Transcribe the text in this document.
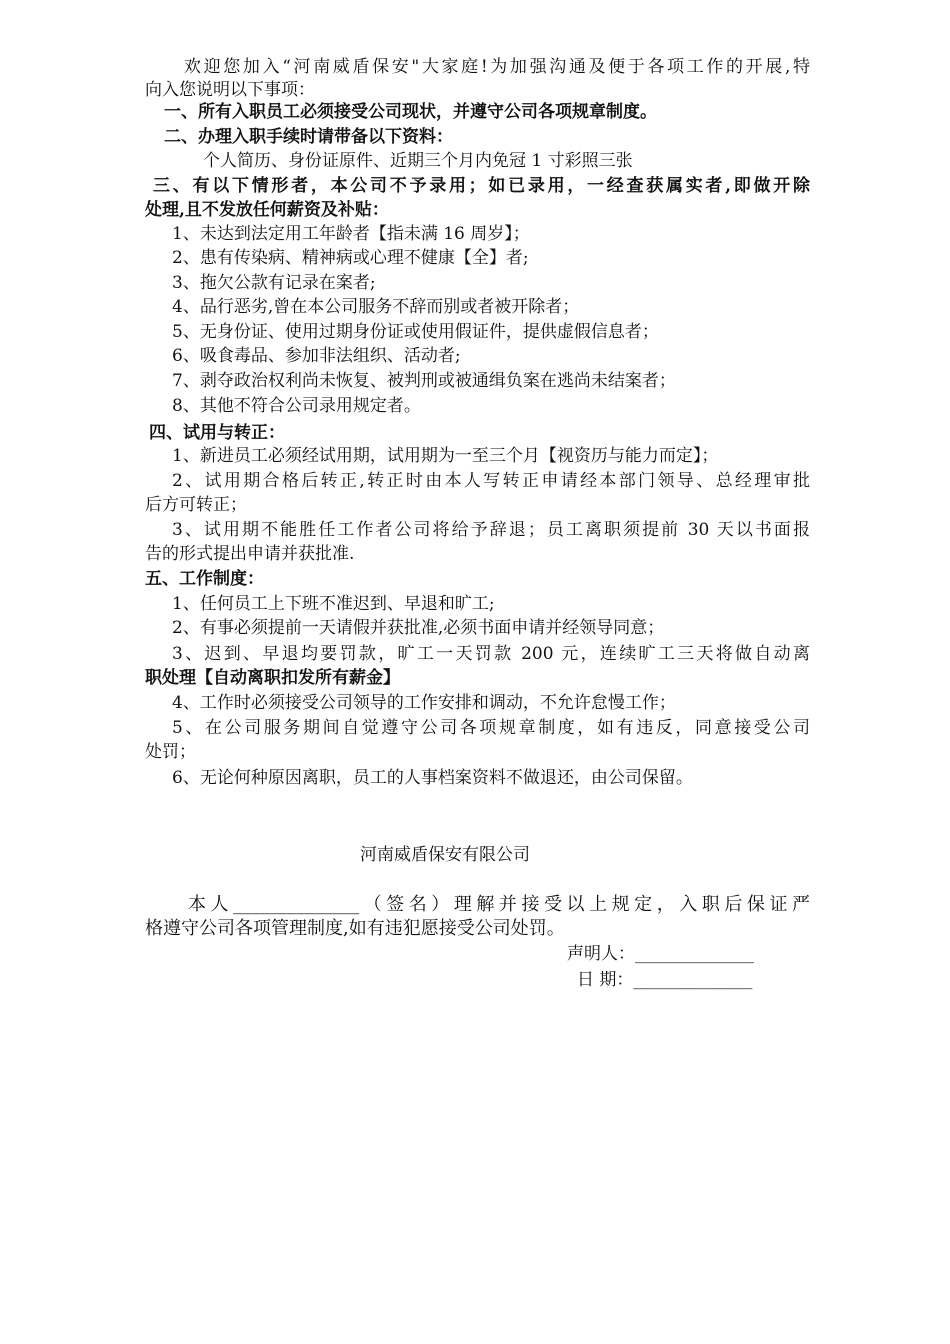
欢迎您加入“河南威盾保安"大家庭!为加强沟通及便于各项工作的开展,特
向入您说明以下事项：
一、所有入职员工必须接受公司现状，并遵守公司各项规章制度。
二、办理入职手续时请带备以下资料：
个人简历、身份证原件、近期三个月内免冠 1 寸彩照三张
三、有以下情形者，本公司不予录用；如已录用，一经查获属实者,即做开除
处理,且不发放任何薪资及补贴：
1、未达到法定用工年龄者【指未满 16 周岁】；
2、患有传染病、精神病或心理不健康【全】者;
3、拖欠公款有记录在案者;
4、品行恶劣,曾在本公司服务不辞而别或者被开除者；
5、无身份证、使用过期身份证或使用假证件，提供虚假信息者；
6、吸食毒品、参加非法组织、活动者;
7、剥夺政治权利尚未恢复、被判刑或被通缉负案在逃尚未结案者；
8、其他不符合公司录用规定者。
四、试用与转正：
1、新进员工必须经试用期，试用期为一至三个月【视资历与能力而定】；
2、试用期合格后转正,转正时由本人写转正申请经本部门领导、总经理审批
后方可转正；
3、试用期不能胜任工作者公司将给予辞退；员工离职须提前 30 天以书面报
告的形式提出申请并获批准.
五、工作制度：
1、任何员工上下班不准迟到、早退和旷工;
2、有事必须提前一天请假并获批准,必须书面申请并经领导同意；
3、迟到、早退均要罚款，旷工一天罚款 200 元，连续旷工三天将做自动离
职处理【自动离职扣发所有薪金】
4、工作时必须接受公司领导的工作安排和调动，不允许怠慢工作；
5、在公司服务期间自觉遵守公司各项规章制度，如有违反，同意接受公司
处罚；
6、无论何种原因离职，员工的人事档案资料不做退还，由公司保留。
河南威盾保安有限公司
本人______________（签名）理解并接受以上规定，入职后保证严
格遵守公司各项管理制度,如有违犯愿接受公司处罚。
声明人：______________
日 期：______________
